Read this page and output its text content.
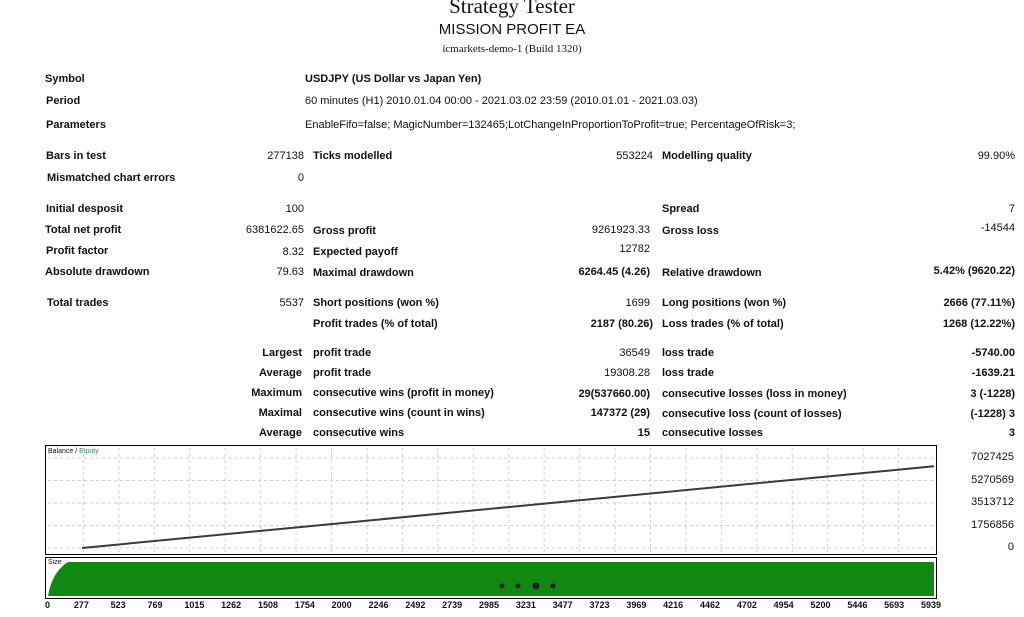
Strategy Tester
MISSION PROFIT EA
icmarkets-demo-1 (Build 1320)
Symbol	USDJPY (US Dollar vs Japan Yen)
Period	60 minutes (H1) 2010.01.04 00:00 - 2021.03.02 23:59 (2010.01.01 - 2021.03.03)
Parameters	EnableFifo=false; MagicNumber=132465;LotChangeInProportionToProfit=true; PercentageOfRisk=3;
Bars in test	277138 Ticks modelled	553224 Modelling quality	99.90%
Mismatched chart errors	0
Initial desposit	100	Spread	7
Total net profit	6381622.65 Gross profit	9261923.33 Gross loss	-14544
Profit factor	8.32 Expected payoff	12782
Absolute drawdown	79.63 Maximal drawdown	6264.45 (4.26) Relative drawdown	5.42% (9620.22)
Total trades	5537 Short positions (won %)	1699 Long positions (won %)	2666 (77.11%)
Profit trades (% of total)	2187 (80.26) Loss trades (% of total)	1268 (12.22%)
Largest profit trade	36549 loss trade	-5740.00
Average profit trade	19308.28 loss trade	-1639.21
Maximum consecutive wins (profit in money)	29(537660.00) consecutive losses (loss in money)	3 (-1228)
Maximal consecutive wins (count in wins)	147372 (29) consecutive loss (count of losses)	(-1228) 3
Average consecutive wins	15 consecutive losses	3
Balance / Equity	7027425
5270569
3513712
1756856
0
Size
0	277 523 769 1015 1262 1508 1754 2000 2246 2492 2739 2985 3231 3477 3723 3969 4216 4462 4702 4954 5200 5446 5693 5939
